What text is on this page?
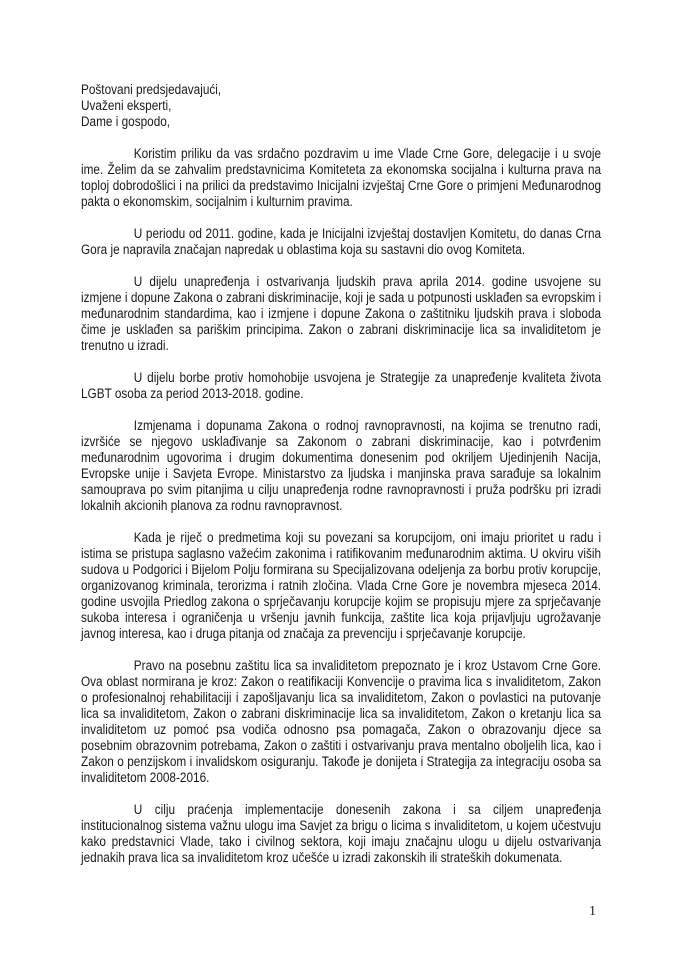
Poštovani predsjedavajući,

Uvaženi eksperti,

Dame i gospodo,

Koristim priliku da vas srdačno pozdravim u ime Vlade Crne Gore, delegacije i u svoje ime. Želim da se zahvalim predstavnicima Komiteteta za ekonomska socijalna i kulturna prava na toploj dobrodošlici i na prilici da predstavimo Inicijalni izvještaj Crne Gore o primjeni Međunarodnog pakta o ekonomskim, socijalnim i kulturnim pravima.

U periodu od 2011. godine, kada je Inicijalni izvještaj dostavljen Komitetu, do danas Crna Gora je napravila značajan napredak u oblastima koja su sastavni dio ovog Komiteta.

U dijelu unapređenja i ostvarivanja ljudskih prava aprila 2014. godine usvojene su izmjene i dopune Zakona o zabrani diskriminacije, koji je sada u potpunosti usklađen sa evropskim i međunarodnim standardima, kao i izmjene i dopune Zakona o zaštitniku ljudskih prava i sloboda čime je usklađen sa pariškim principima. Zakon o zabrani diskriminacije lica sa invaliditetom je trenutno u izradi.

U dijelu borbe protiv homohobije usvojena je Strategije za unapređenje kvaliteta života LGBT osoba za period 2013-2018. godine.

Izmjenama i dopunama Zakona o rodnoj ravnopravnosti, na kojima se trenutno radi, izvršiće se njegovo usklađivanje sa Zakonom o zabrani diskriminacije, kao i potvrđenim međunarodnim ugovorima i drugim dokumentima donesenim pod okriljem Ujedinjenih Nacija, Evropske unije i Savjeta Evrope. Ministarstvo za ljudska i manjinska prava sarađuje sa lokalnim samouprava po svim pitanjima u cilju unapređenja rodne ravnopravnosti i pruža podršku pri izradi lokalnih akcionih planova za rodnu ravnopravnost.

Kada je riječ o predmetima koji su povezani sa korupcijom, oni imaju prioritet u radu i istima se pristupa saglasno važećim zakonima i ratifikovanim međunarodnim aktima. U okviru viših sudova u Podgorici i Bijelom Polju formirana su Specijalizovana odeljenja za borbu protiv korupcije, organizovanog kriminala, terorizma i ratnih zločina. Vlada Crne Gore je novembra mjeseca 2014. godine usvojila Priedlog zakona o sprječavanju korupcije kojim se propisuju mjere za sprječavanje sukoba interesa i ograničenja u vršenju javnih funkcija, zaštite lica koja prijavljuju ugrožavanje javnog interesa, kao i druga pitanja od značaja za prevenciju i sprječavanje korupcije.

Pravo na posebnu zaštitu lica sa invaliditetom prepoznato je i kroz Ustavom Crne Gore. Ova oblast normirana je kroz: Zakon o reatifikaciji Konvencije o pravima lica s invaliditetom, Zakon o profesionalnoj rehabilitaciji i zapošljavanju lica sa invaliditetom, Zakon o povlastici na putovanje lica sa invaliditetom, Zakon o zabrani diskriminacije lica sa invaliditetom, Zakon o kretanju lica sa invaliditetom uz pomoć psa vodiča odnosno psa pomagača, Zakon o obrazovanju djece sa posebnim obrazovnim potrebama, Zakon o zaštiti i ostvarivanju prava mentalno oboljelih lica, kao i Zakon o penzijskom i invalidskom osiguranju. Takođe je donijeta i Strategija za integraciju osoba sa invaliditetom 2008-2016.

U cilju praćenja implementacije donesenih zakona i sa ciljem unapređenja institucionalnog sistema važnu ulogu ima Savjet za brigu o licima s invaliditetom, u kojem učestvuju kako predstavnici Vlade, tako i civilnog sektora, koji imaju značajnu ulogu u dijelu ostvarivanja jednakih prava lica sa invaliditetom kroz učešće u izradi zakonskih ili strateških dokumenata.

1
